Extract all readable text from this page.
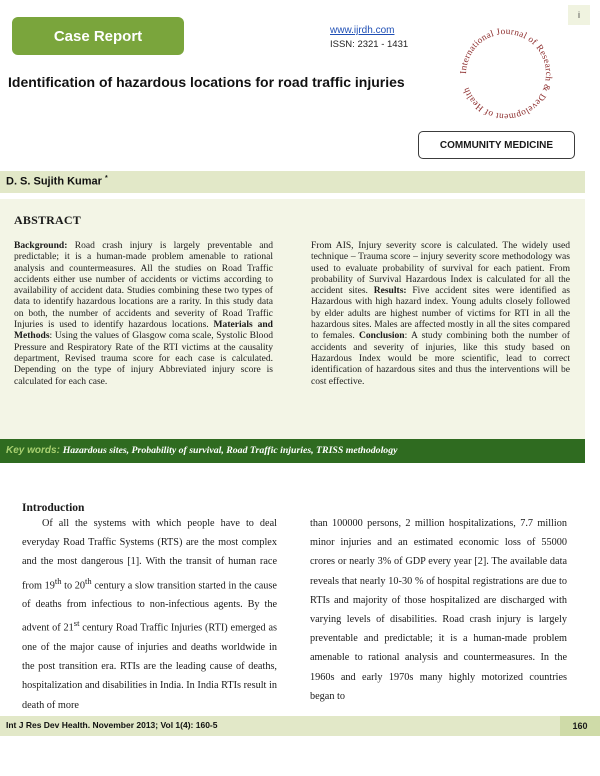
Case Report	www.ijrdh.com
ISSN: 2321 - 1431
i
Identification of hazardous locations for road traffic injuries
International Journal of Research & Development of Health
COMMUNITY MEDICINE
D. S. Sujith Kumar *
ABSTRACT
Background: Road crash injury is largely preventable and predictable; it is a human-made problem amenable to rational analysis and countermeasures. All the studies on Road Traffic accidents either use number of accidents or victims according to availability of accident data. Studies combining these two types of data to identify hazardous locations are a rarity. In this study data on both, the number of accidents and severity of Road Traffic Injuries is used to identify hazardous locations. Materials and Methods: Using the values of Glasgow coma scale, Systolic Blood Pressure and Respiratory Rate of the RTI victims at the causality department, Revised trauma score for each case is calculated. Depending on the type of injury Abbreviated injury score is calculated for each case.
From AIS, Injury severity score is calculated. The widely used technique – Trauma score – injury severity score methodology was used to evaluate probability of survival for each patient. From probability of Survival Hazardous Index is calculated for all the accident sites. Results: Five accident sites were identified as Hazardous with high hazard index. Young adults closely followed by elder adults are highest number of victims for RTI in all the hazardous sites. Males are affected mostly in all the sites compared to females. Conclusion: A study combining both the number of accidents and severity of injuries, like this study based on Hazardous Index would be more scientific, lead to correct identification of hazardous sites and thus the interventions will be cost effective.
Key words: Hazardous sites, Probability of survival, Road Traffic injuries, TRISS methodology
Introduction
Of all the systems with which people have to deal everyday Road Traffic Systems (RTS) are the most complex and the most dangerous [1]. With the transit of human race from 19th to 20th century a slow transition started in the cause of deaths from infectious to non-infectious agents. By the advent of 21st century Road Traffic Injuries (RTI) emerged as one of the major cause of injuries and deaths worldwide in the post transition era. RTIs are the leading cause of deaths, hospitalization and disabilities in India. In India RTIs result in death of more
than 100000 persons, 2 million hospitalizations, 7.7 million minor injuries and an estimated economic loss of 55000 crores or nearly 3% of GDP every year [2]. The available data reveals that nearly 10-30 % of hospital registrations are due to RTIs and majority of those hospitalized are discharged with varying levels of disabilities. Road crash injury is largely preventable and predictable; it is a human-made problem amenable to rational analysis and countermeasures. In the 1960s and early 1970s many highly motorized countries began to
Int J Res Dev Health. November 2013; Vol 1(4): 160-5	160
